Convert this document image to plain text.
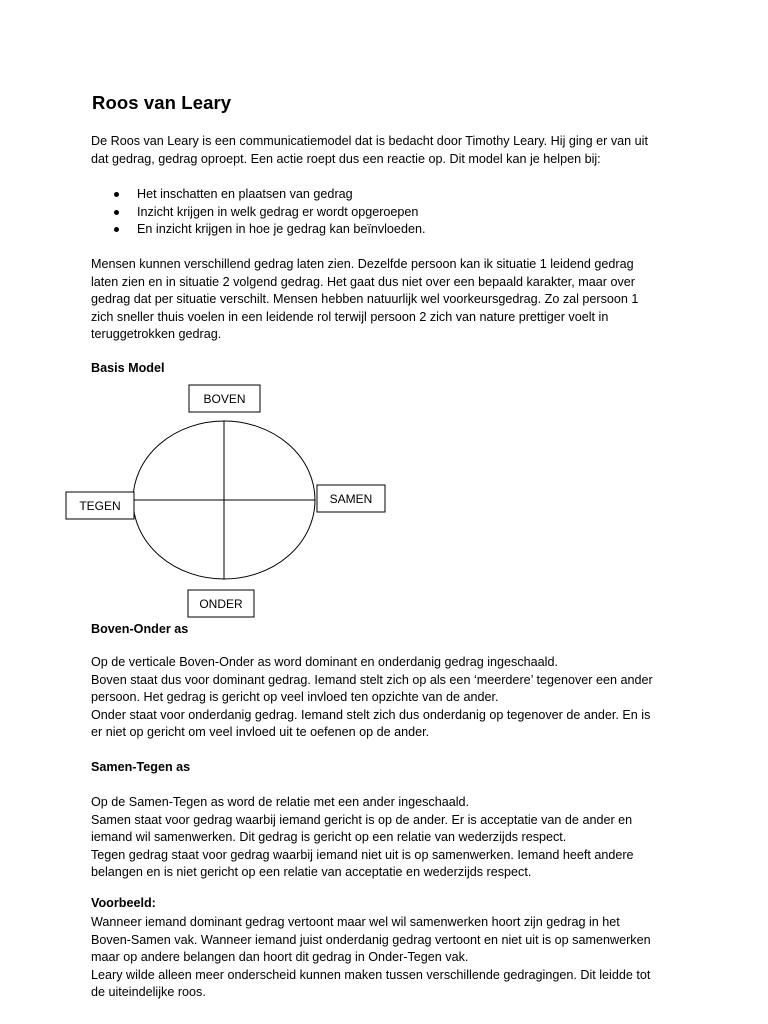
Roos van Leary

De Roos van Leary is een communicatiemodel dat is bedacht door Timothy Leary. Hij ging er van uit
dat gedrag, gedrag oproept. Een actie roept dus een reactie op. Dit model kan je helpen bij:

Het inschatten en plaatsen van gedrag
Inzicht krijgen in welk gedrag er wordt opgeroepen
En inzicht krijgen in hoe je gedrag kan beïnvloeden.

Mensen kunnen verschillend gedrag laten zien. Dezelfde persoon kan ik situatie 1 leidend gedrag
laten zien en in situatie 2 volgend gedrag. Het gaat dus niet over een bepaald karakter, maar over
gedrag dat per situatie verschilt. Mensen hebben natuurlijk wel voorkeursgedrag. Zo zal persoon 1
zich sneller thuis voelen in een leidende rol terwijl persoon 2 zich van nature prettiger voelt in
teruggetrokken gedrag.

Basis Model
BOVEN
SAMEN
TEGEN
ONDER
Boven-Onder as

Op de verticale Boven-Onder as word dominant en onderdanig gedrag ingeschaald.
Boven staat dus voor dominant gedrag. Iemand stelt zich op als een ‘meerdere’ tegenover een ander
persoon. Het gedrag is gericht op veel invloed ten opzichte van de ander.
Onder staat voor onderdanig gedrag. Iemand stelt zich dus onderdanig op tegenover de ander. En is
er niet op gericht om veel invloed uit te oefenen op de ander.

Samen-Tegen as

Op de Samen-Tegen as word de relatie met een ander ingeschaald.
Samen staat voor gedrag waarbij iemand gericht is op de ander. Er is acceptatie van de ander en
iemand wil samenwerken. Dit gedrag is gericht op een relatie van wederzijds respect.
Tegen gedrag staat voor gedrag waarbij iemand niet uit is op samenwerken. Iemand heeft andere
belangen en is niet gericht op een relatie van acceptatie en wederzijds respect.

Voorbeeld:

Wanneer iemand dominant gedrag vertoont maar wel wil samenwerken hoort zijn gedrag in het
Boven-Samen vak. Wanneer iemand juist onderdanig gedrag vertoont en niet uit is op samenwerken
maar op andere belangen dan hoort dit gedrag in Onder-Tegen vak.
Leary wilde alleen meer onderscheid kunnen maken tussen verschillende gedragingen. Dit leidde tot
de uiteindelijke roos.
